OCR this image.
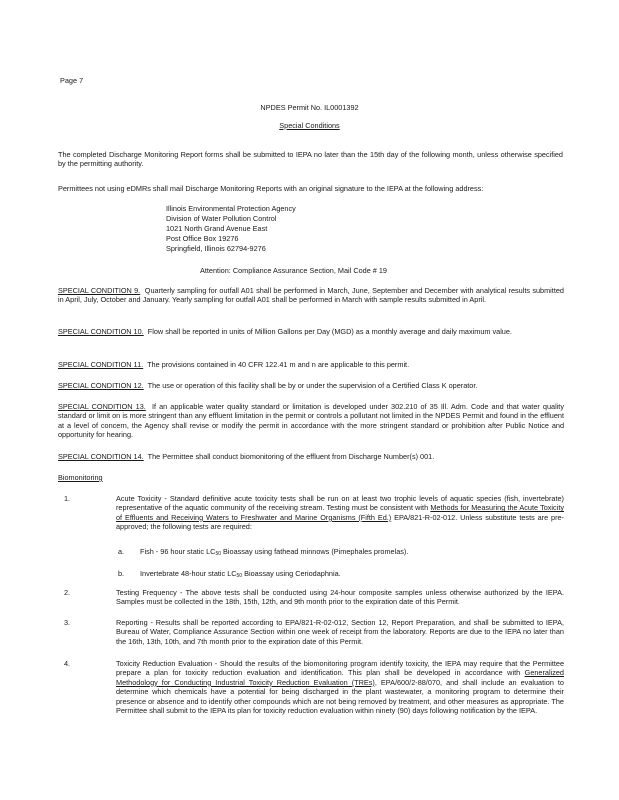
Page 7
NPDES Permit No. IL0001392
Special Conditions
The completed Discharge Monitoring Report forms shall be submitted to IEPA no later than the 15th day of the following month, unless otherwise specified by the permitting authority.
Permittees not using eDMRs shall mail Discharge Monitoring Reports with an original signature to the IEPA at the following address:
Illinois Environmental Protection Agency
Division of Water Pollution Control
1021 North Grand Avenue East
Post Office Box 19276
Springfield, Illinois 62794-9276
Attention: Compliance Assurance Section, Mail Code # 19
SPECIAL CONDITION 9. Quarterly sampling for outfall A01 shall be performed in March, June, September and December with analytical results submitted in April, July, October and January. Yearly sampling for outfall A01 shall be performed in March with sample results submitted in April.
SPECIAL CONDITION 10. Flow shall be reported in units of Million Gallons per Day (MGD) as a monthly average and daily maximum value.
SPECIAL CONDITION 11. The provisions contained in 40 CFR 122.41 m and n are applicable to this permit.
SPECIAL CONDITION 12. The use or operation of this facility shall be by or under the supervision of a Certified Class K operator.
SPECIAL CONDITION 13. If an applicable water quality standard or limitation is developed under 302.210 of 35 Ill. Adm. Code and that water quality standard or limit on is more stringent than any effluent limitation in the permit or controls a pollutant not limited in the NPDES Permit and found in the effluent at a level of concern, the Agency shall revise or modify the permit in accordance with the more stringent standard or prohibition after Public Notice and opportunity for hearing.
SPECIAL CONDITION 14. The Permittee shall conduct biomonitoring of the effluent from Discharge Number(s) 001.
Biomonitoring
1.	Acute Toxicity - Standard definitive acute toxicity tests shall be run on at least two trophic levels of aquatic species (fish, invertebrate) representative of the aquatic community of the receiving stream. Testing must be consistent with Methods for Measuring the Acute Toxicity of Effluents and Receiving Waters to Freshwater and Marine Organisms (Fifth Ed.) EPA/821-R-02-012. Unless substitute tests are pre-approved; the following tests are required:
a. Fish - 96 hour static $LC_{50}$ Bioassay using fathead minnows (Pimephales promelas).
b. Invertebrate 48-hour static $LC_{50}$ Bioassay using Ceriodaphnia.
2.	Testing Frequency - The above tests shall be conducted using 24-hour composite samples unless otherwise authorized by the IEPA. Samples must be collected in the 18th, 15th, 12th, and 9th month prior to the expiration date of this Permit.
3.	Reporting - Results shall be reported according to EPA/821-R-02-012, Section 12, Report Preparation, and shall be submitted to IEPA, Bureau of Water, Compliance Assurance Section within one week of receipt from the laboratory. Reports are due to the IEPA no later than the 16th, 13th, 10th, and 7th month prior to the expiration date of this Permit.
4.	Toxicity Reduction Evaluation - Should the results of the biomonitoring program identify toxicity, the IEPA may require that the Permittee prepare a plan for toxicity reduction evaluation and identification. This plan shall be developed in accordance with Generalized Methodology for Conducting Industrial Toxicity Reduction Evaluation (TREs), EPA/600/2-88/070, and shall include an evaluation to determine which chemicals have a potential for being discharged in the plant wastewater, a monitoring program to determine their presence or absence and to identify other compounds which are not being removed by treatment, and other measures as appropriate. The Permittee shall submit to the IEPA its plan for toxicity reduction evaluation within ninety (90) days following notification by the IEPA.
